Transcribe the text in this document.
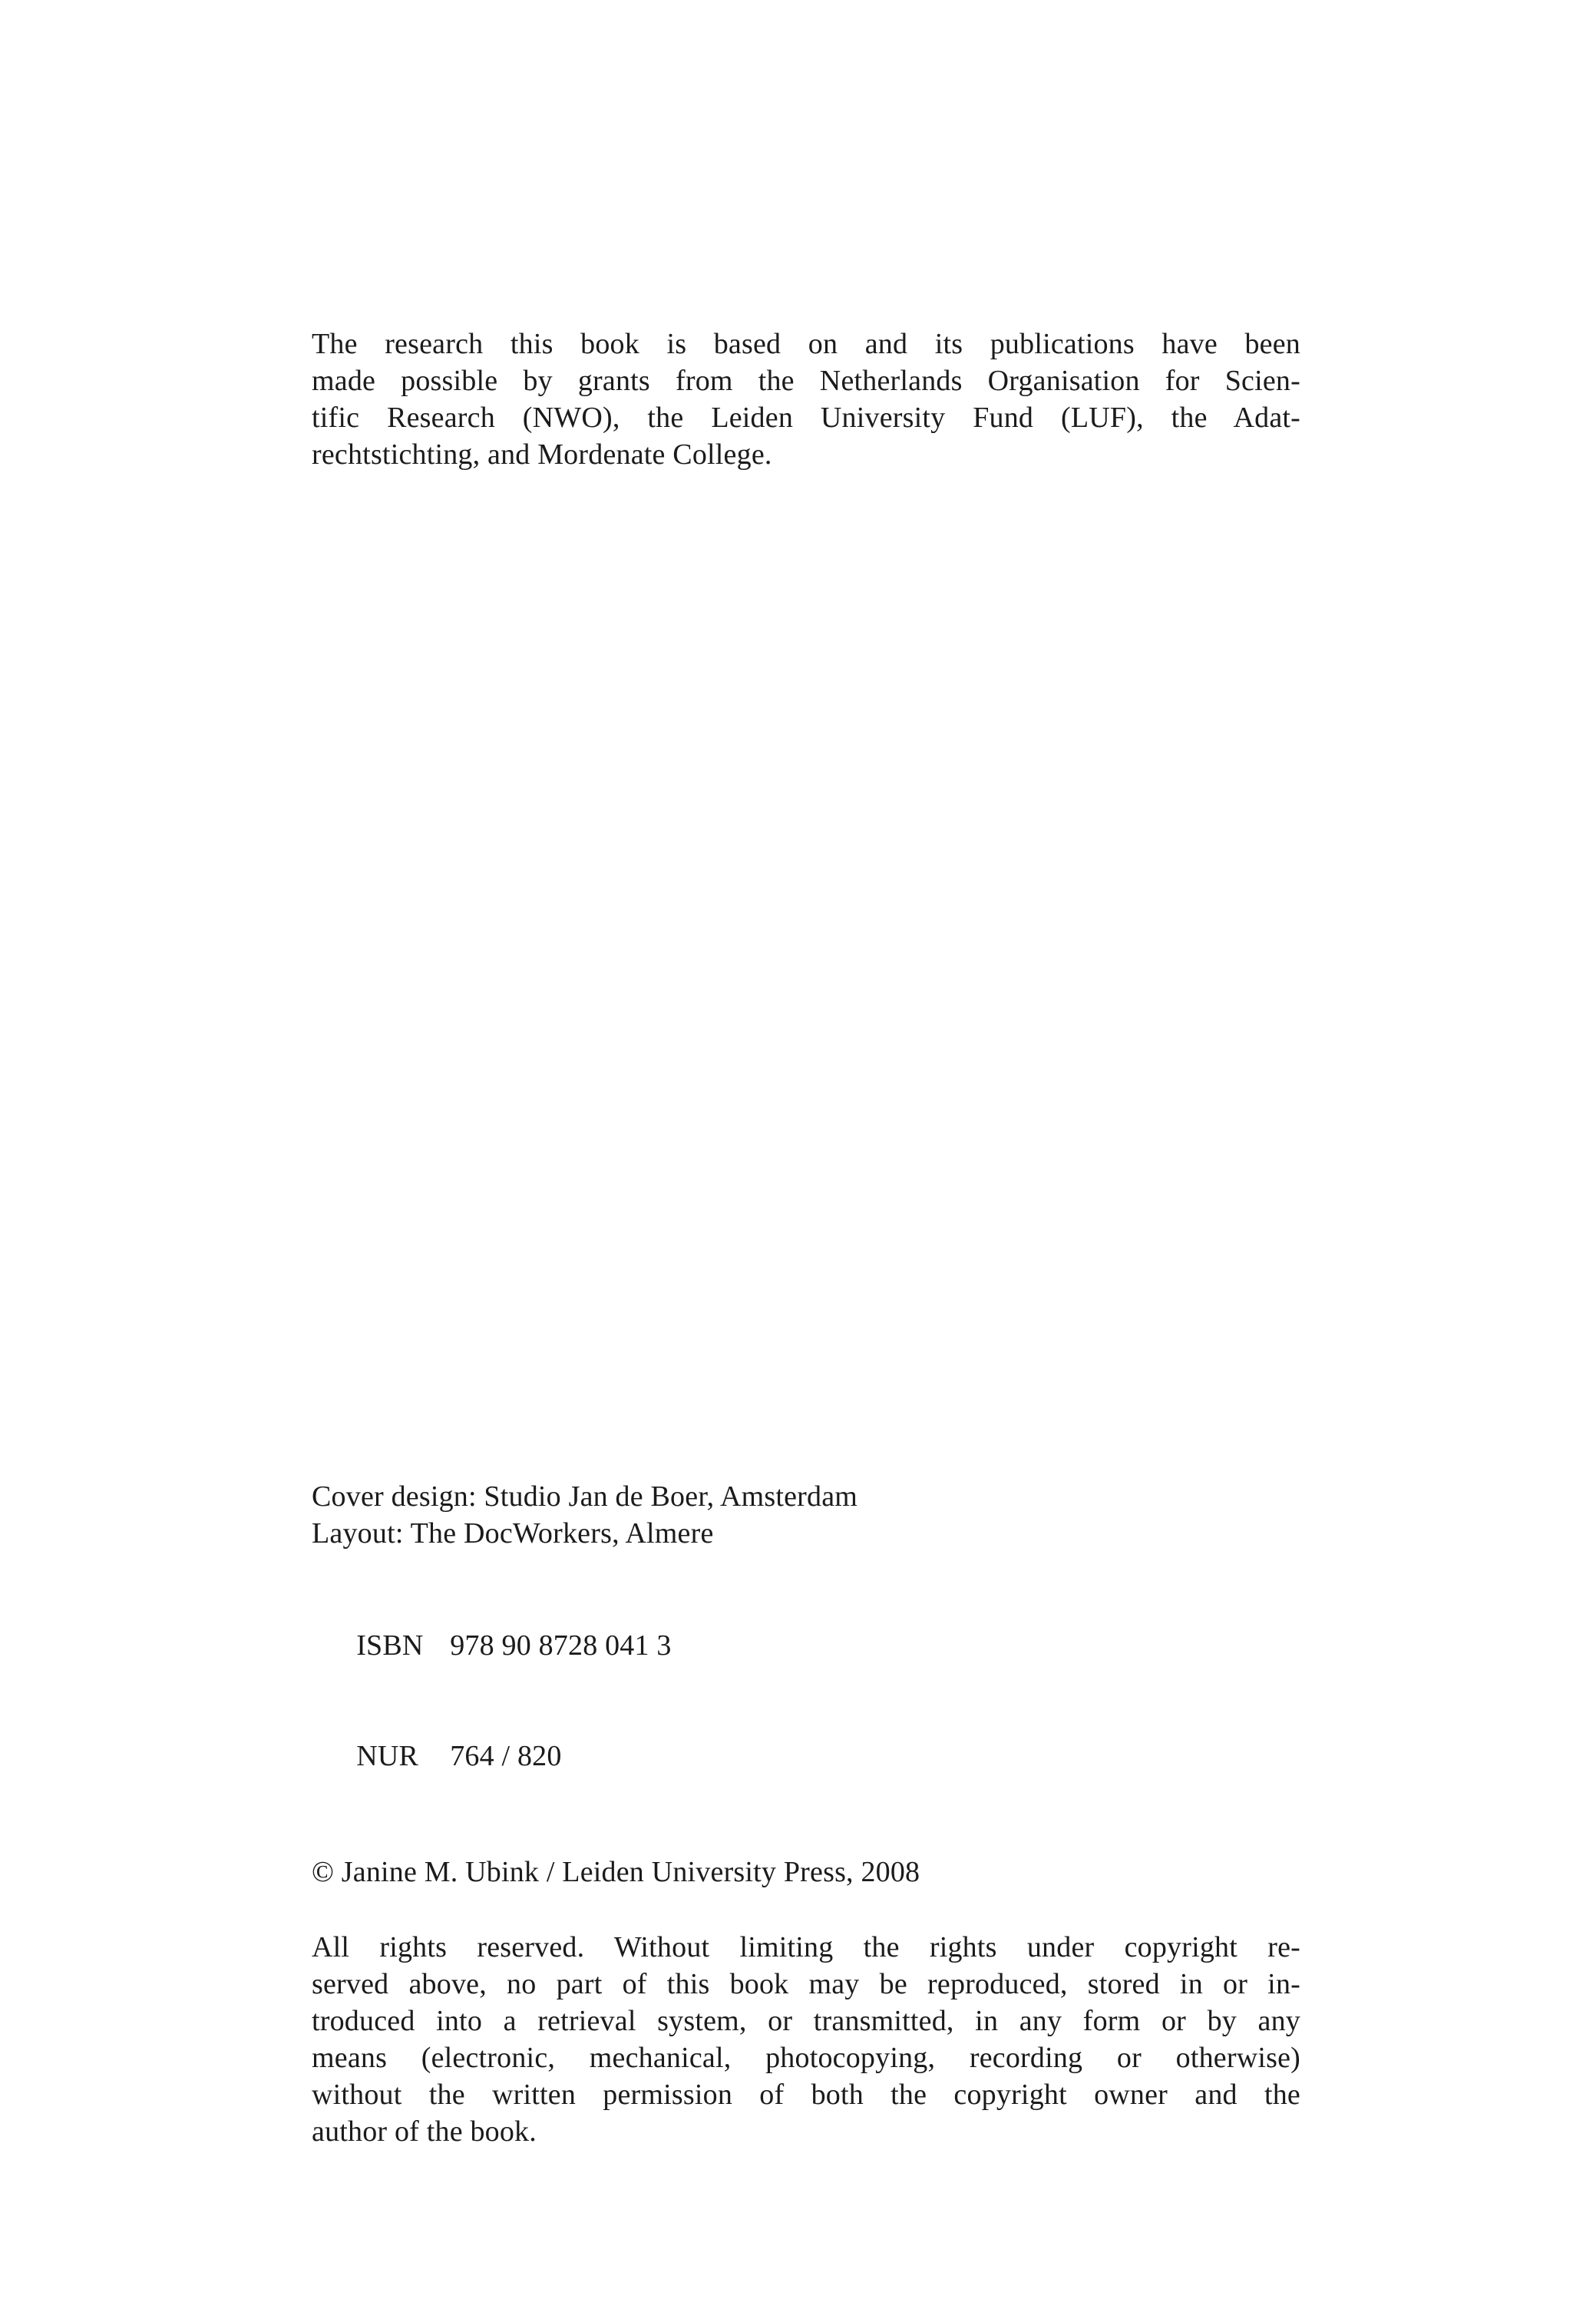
The research this book is based on and its publications have been
made possible by grants from the Netherlands Organisation for Scien-
tific Research (NWO), the Leiden University Fund (LUF), the Adat-
rechtstichting, and Mordenate College.
Cover design: Studio Jan de Boer, Amsterdam
Layout: The DocWorkers, Almere

ISBN 978 90 8728 041 3

NUR 764 / 820

© Janine M. Ubink / Leiden University Press, 2008
All rights reserved. Without limiting the rights under copyright re-
served above, no part of this book may be reproduced, stored in or in-
troduced into a retrieval system, or transmitted, in any form or by any
means (electronic, mechanical, photocopying, recording or otherwise)
without the written permission of both the copyright owner and the
author of the book.
